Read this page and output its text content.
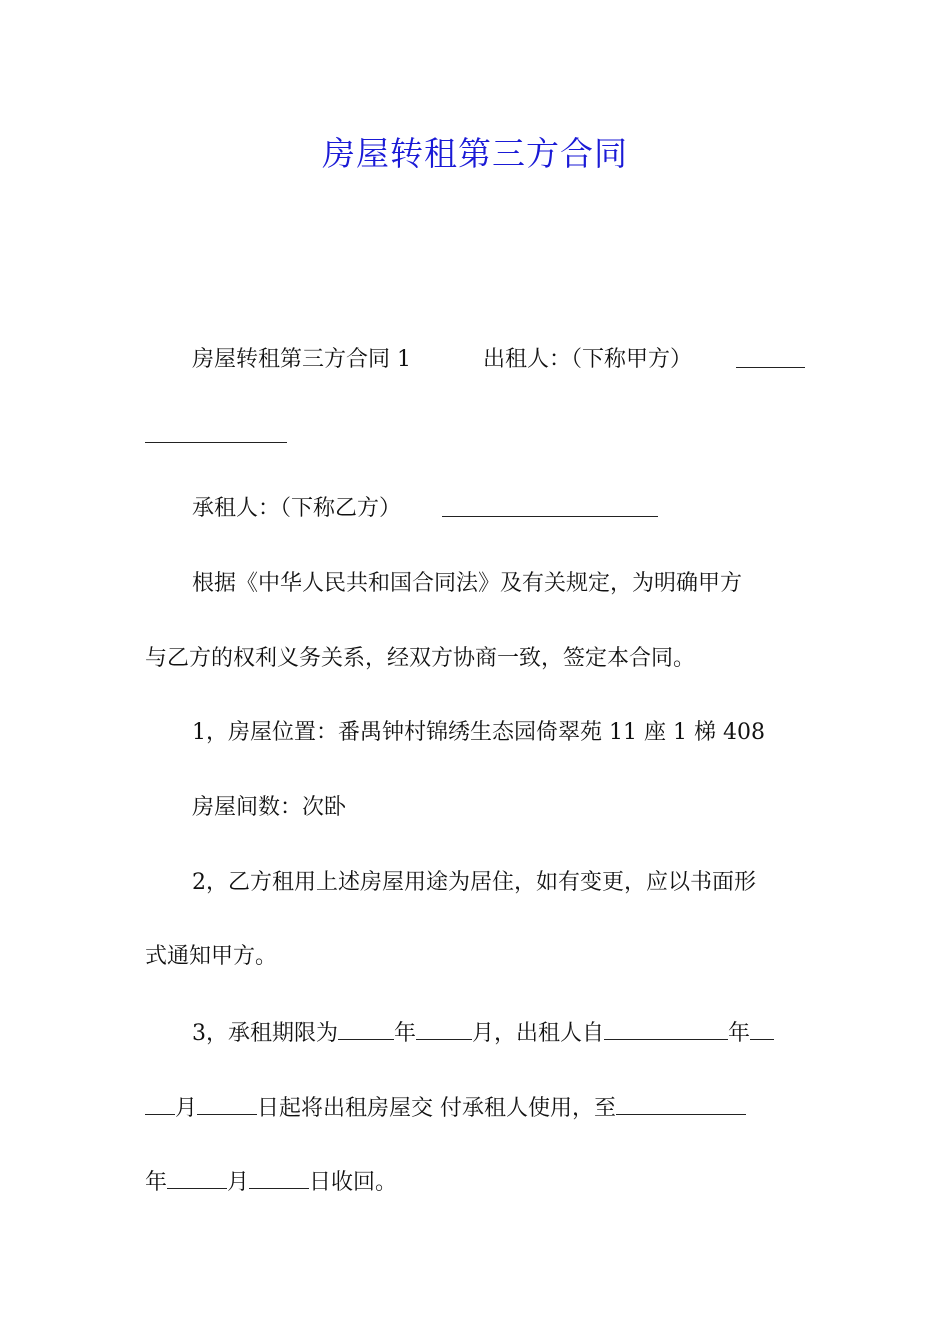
房屋转租第三方合同
房屋转租第三方合同 1	出租人：（下称甲方）
承租人：（下称乙方）
根据《中华人民共和国合同法》及有关规定，为明确甲方
与乙方的权利义务关系，经双方协商一致，签定本合同。
1，房屋位置：番禺钟村锦绣生态园倚翠苑 11 座 1 梯 408
房屋间数：次卧
2，乙方租用上述房屋用途为居住，如有变更，应以书面形
式通知甲方。
3，承租期限为	年	月，出租人自	年
月	日起将出租房屋交 付承租人使用，至
年	月	日收回。
